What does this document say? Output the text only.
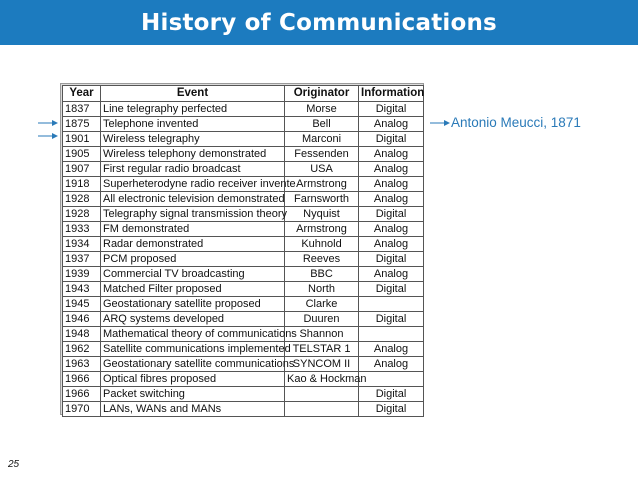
History of Communications
Antonio Meucci, 1871
Year	Event	Originator	Information
1837	Line telegraphy perfected	Morse	Digital
1875	Telephone invented	Bell	Analog
1901	Wireless telegraphy	Marconi	Digital
1905	Wireless telephony demonstrated	Fessenden	Analog
1907	First regular radio broadcast	USA	Analog
1918	Superheterodyne radio receiver invente	Armstrong	Analog
1928	All electronic television demonstrated	Farnsworth	Analog
1928	Telegraphy signal transmission theory	Nyquist	Digital
1933	FM demonstrated	Armstrong	Analog
1934	Radar demonstrated	Kuhnold	Analog
1937	PCM proposed	Reeves	Digital
1939	Commercial TV broadcasting	BBC	Analog
1943	Matched Filter proposed	North	Digital
1945	Geostationary satellite proposed	Clarke	
1946	ARQ systems developed	Duuren	Digital
1948	Mathematical theory of communications	Shannon	
1962	Satellite communications implemented	TELSTAR 1	Analog
1963	Geostationary satellite communications	SYNCOM II	Analog
1966	Optical fibres proposed	Kao & Hockman	
1966	Packet switching		Digital
1970	LANs, WANs and MANs		Digital
25
